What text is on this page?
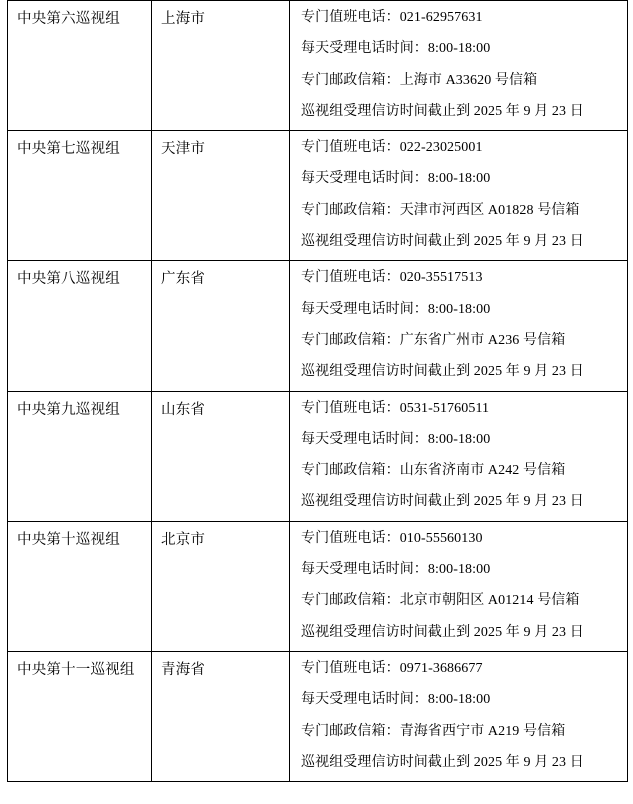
中央第六巡视组	上海市	专门值班电话：021-62957631
每天受理电话时间：8:00-18:00
专门邮政信箱：上海市 A33620 号信箱
巡视组受理信访时间截止到 2025 年 9 月 23 日

中央第七巡视组	天津市	专门值班电话：022-23025001
每天受理电话时间：8:00-18:00
专门邮政信箱：天津市河西区 A01828 号信箱
巡视组受理信访时间截止到 2025 年 9 月 23 日

中央第八巡视组	广东省	专门值班电话：020-35517513
每天受理电话时间：8:00-18:00
专门邮政信箱：广东省广州市 A236 号信箱
巡视组受理信访时间截止到 2025 年 9 月 23 日

中央第九巡视组	山东省	专门值班电话：0531-51760511
每天受理电话时间：8:00-18:00
专门邮政信箱：山东省济南市 A242 号信箱
巡视组受理信访时间截止到 2025 年 9 月 23 日

中央第十巡视组	北京市	专门值班电话：010-55560130
每天受理电话时间：8:00-18:00
专门邮政信箱：北京市朝阳区 A01214 号信箱
巡视组受理信访时间截止到 2025 年 9 月 23 日

中央第十一巡视组	青海省	专门值班电话：0971-3686677
每天受理电话时间：8:00-18:00
专门邮政信箱：青海省西宁市 A219 号信箱
巡视组受理信访时间截止到 2025 年 9 月 23 日
